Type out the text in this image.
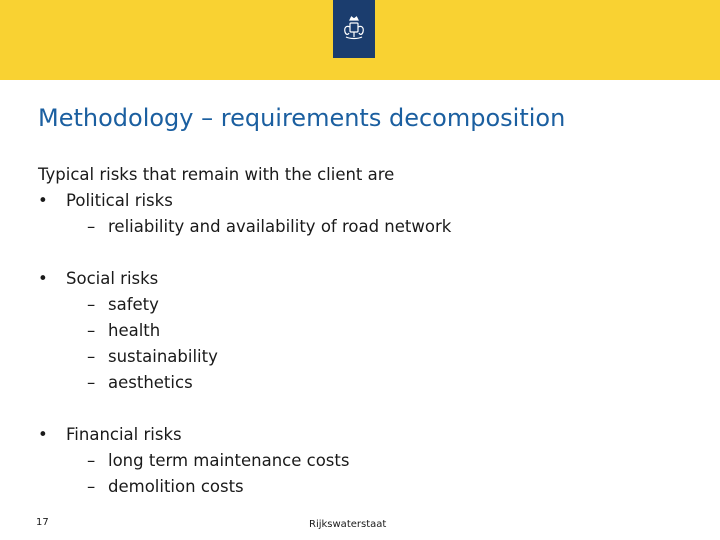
Methodology – requirements decomposition
Typical risks that remain with the client are
• Political risks
– reliability and availability of road network
• Social risks
– safety
– health
– sustainability
– aesthetics
• Financial risks
– long term maintenance costs
– demolition costs
17	Rijkswaterstaat
